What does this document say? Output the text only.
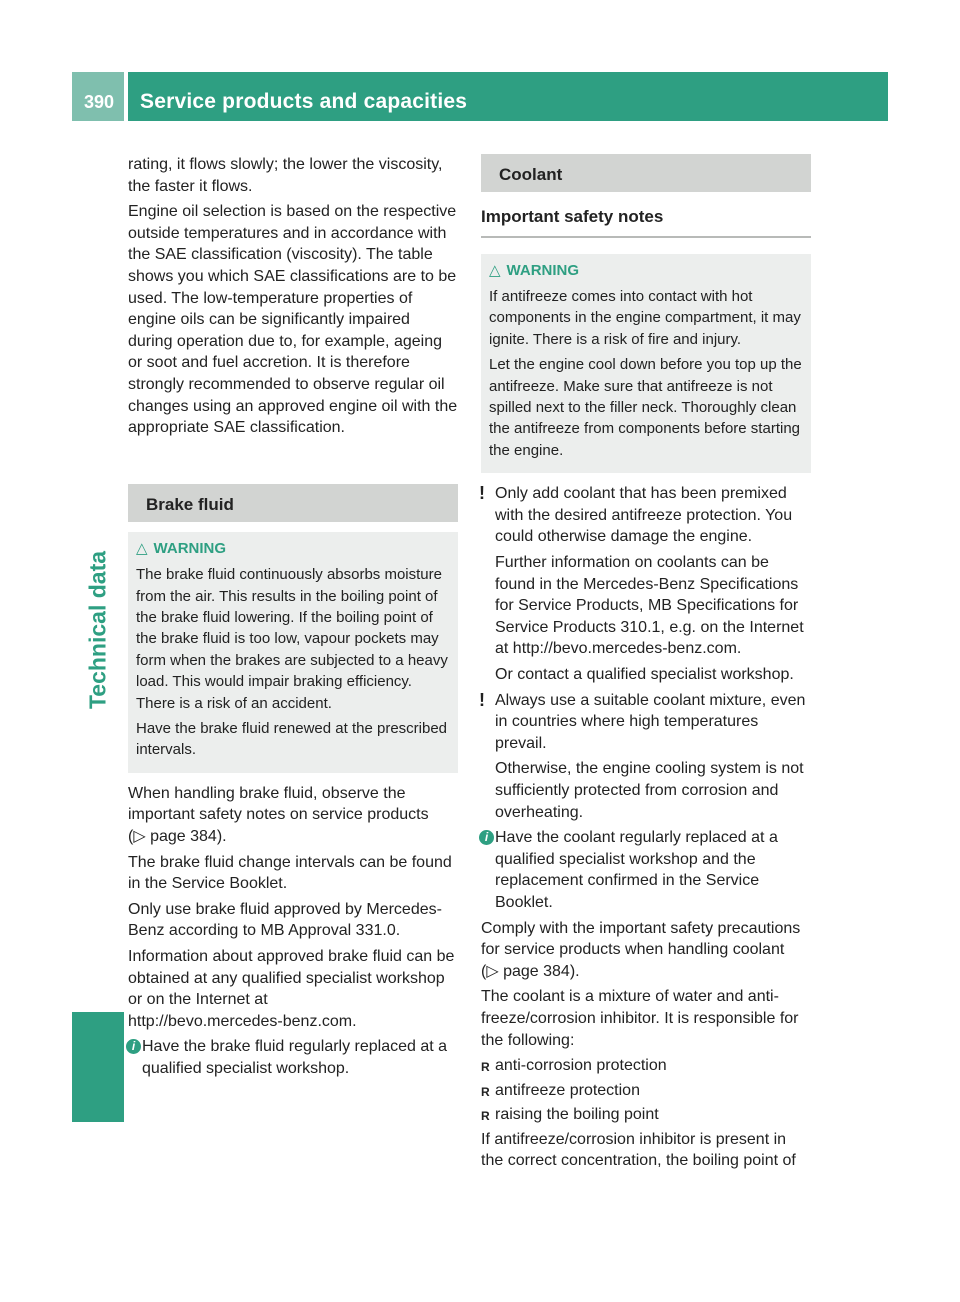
390 Service products and capacities
Technical data

rating, it flows slowly; the lower the viscosity, the faster it flows.

Engine oil selection is based on the respective outside temperatures and in accordance with the SAE classification (viscosity). The table shows you which SAE classifications are to be used. The low-temperature properties of engine oils can be significantly impaired during operation due to, for example, ageing or soot and fuel accretion. It is therefore strongly recommended to observe regular oil changes using an approved engine oil with the appropriate SAE classification.

Brake fluid
△ WARNING

The brake fluid continuously absorbs moisture from the air. This results in the boiling point of the brake fluid lowering. If the boiling point of the brake fluid is too low, vapour pockets may form when the brakes are subjected to a heavy load. This would impair braking efficiency. There is a risk of an accident.

Have the brake fluid renewed at the prescribed intervals.

When handling brake fluid, observe the important safety notes on service products
(▷ page 384).

The brake fluid change intervals can be found in the Service Booklet.

Only use brake fluid approved by Mercedes-Benz according to MB Approval 331.0.

Information about approved brake fluid can be obtained at any qualified specialist workshop or on the Internet at
http://bevo.mercedes-benz.com.

i Have the brake fluid regularly replaced at a qualified specialist workshop.
Coolant
Important safety notes
△ WARNING

If antifreeze comes into contact with hot components in the engine compartment, it may ignite. There is a risk of fire and injury.

Let the engine cool down before you top up the antifreeze. Make sure that antifreeze is not spilled next to the filler neck. Thoroughly clean the antifreeze from components before starting the engine.

! Only add coolant that has been premixed with the desired antifreeze protection. You could otherwise damage the engine.

Further information on coolants can be found in the Mercedes-Benz Specifications for Service Products, MB Specifications for Service Products 310.1, e.g. on the Internet at http://bevo.mercedes-benz.com.

Or contact a qualified specialist workshop.

! Always use a suitable coolant mixture, even in countries where high temperatures prevail.

Otherwise, the engine cooling system is not sufficiently protected from corrosion and overheating.

i Have the coolant regularly replaced at a qualified specialist workshop and the replacement confirmed in the Service Booklet.

Comply with the important safety precautions for service products when handling coolant
(▷ page 384).

The coolant is a mixture of water and anti-freeze/corrosion inhibitor. It is responsible for the following:

R anti-corrosion protection
R antifreeze protection
R raising the boiling point

If antifreeze/corrosion inhibitor is present in the correct concentration, the boiling point of
